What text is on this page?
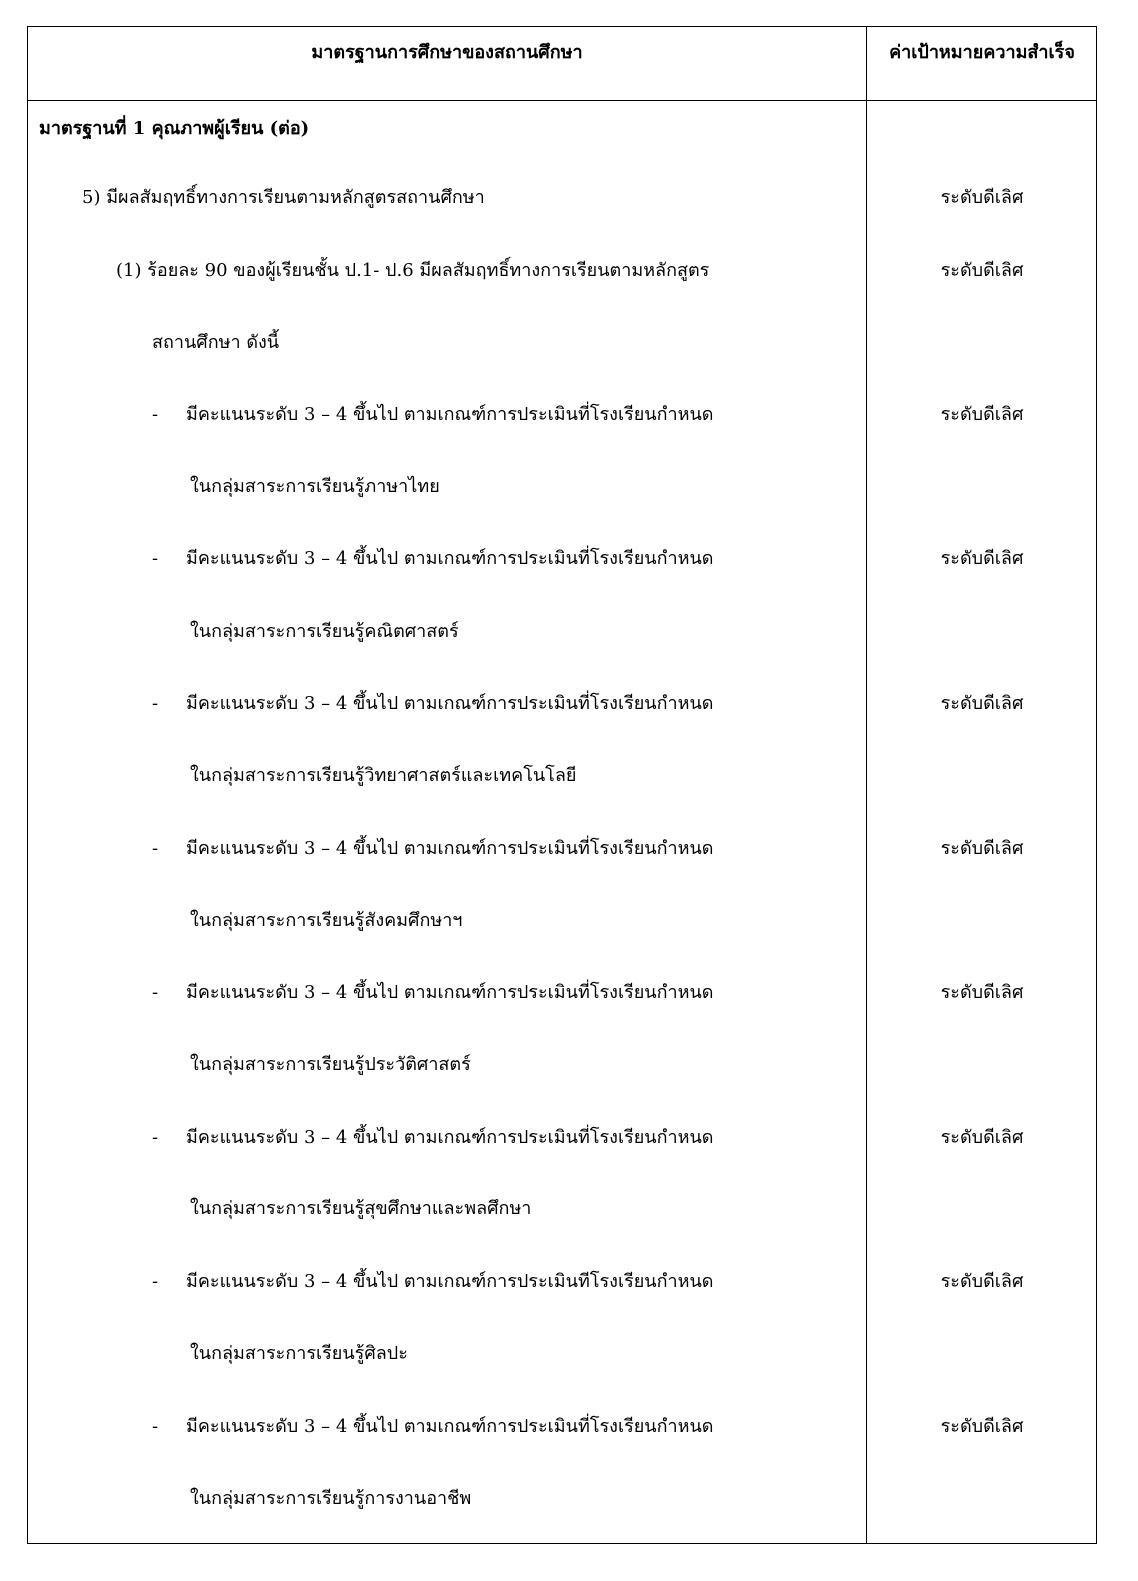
มาตรฐานการศึกษาของสถานศึกษา	ค่าเป้าหมายความสำเร็จ
มาตรฐานที่ 1 คุณภาพผู้เรียน (ต่อ)
5) มีผลสัมฤทธิ์ทางการเรียนตามหลักสูตรสถานศึกษา	ระดับดีเลิศ
(1) ร้อยละ 90 ของผู้เรียนชั้น ป.1- ป.6 มีผลสัมฤทธิ์ทางการเรียนตามหลักสูตร
สถานศึกษา ดังนี้
ระดับดีเลิศ
- มีคะแนนระดับ 3 – 4 ขึ้นไป ตามเกณฑ์การประเมินที่โรงเรียนกำหนด
ในกลุ่มสาระการเรียนรู้ภาษาไทย
ระดับดีเลิศ
- มีคะแนนระดับ 3 – 4 ขึ้นไป ตามเกณฑ์การประเมินที่โรงเรียนกำหนด
ในกลุ่มสาระการเรียนรู้คณิตศาสตร์
ระดับดีเลิศ
- มีคะแนนระดับ 3 – 4 ขึ้นไป ตามเกณฑ์การประเมินที่โรงเรียนกำหนด
ในกลุ่มสาระการเรียนรู้วิทยาศาสตร์และเทคโนโลยี
ระดับดีเลิศ
- มีคะแนนระดับ 3 – 4 ขึ้นไป ตามเกณฑ์การประเมินที่โรงเรียนกำหนด
ในกลุ่มสาระการเรียนรู้สังคมศึกษาฯ
ระดับดีเลิศ
- มีคะแนนระดับ 3 – 4 ขึ้นไป ตามเกณฑ์การประเมินที่โรงเรียนกำหนด
ในกลุ่มสาระการเรียนรู้ประวัติศาสตร์
ระดับดีเลิศ
- มีคะแนนระดับ 3 – 4 ขึ้นไป ตามเกณฑ์การประเมินที่โรงเรียนกำหนด
ในกลุ่มสาระการเรียนรู้สุขศึกษาและพลศึกษา
ระดับดีเลิศ
- มีคะแนนระดับ 3 – 4 ขึ้นไป ตามเกณฑ์การประเมินทีโรงเรียนกำหนด
ในกลุ่มสาระการเรียนรู้ศิลปะ
ระดับดีเลิศ
- มีคะแนนระดับ 3 – 4 ขึ้นไป ตามเกณฑ์การประเมินที่โรงเรียนกำหนด
ในกลุ่มสาระการเรียนรู้การงานอาชีพ
ระดับดีเลิศ
